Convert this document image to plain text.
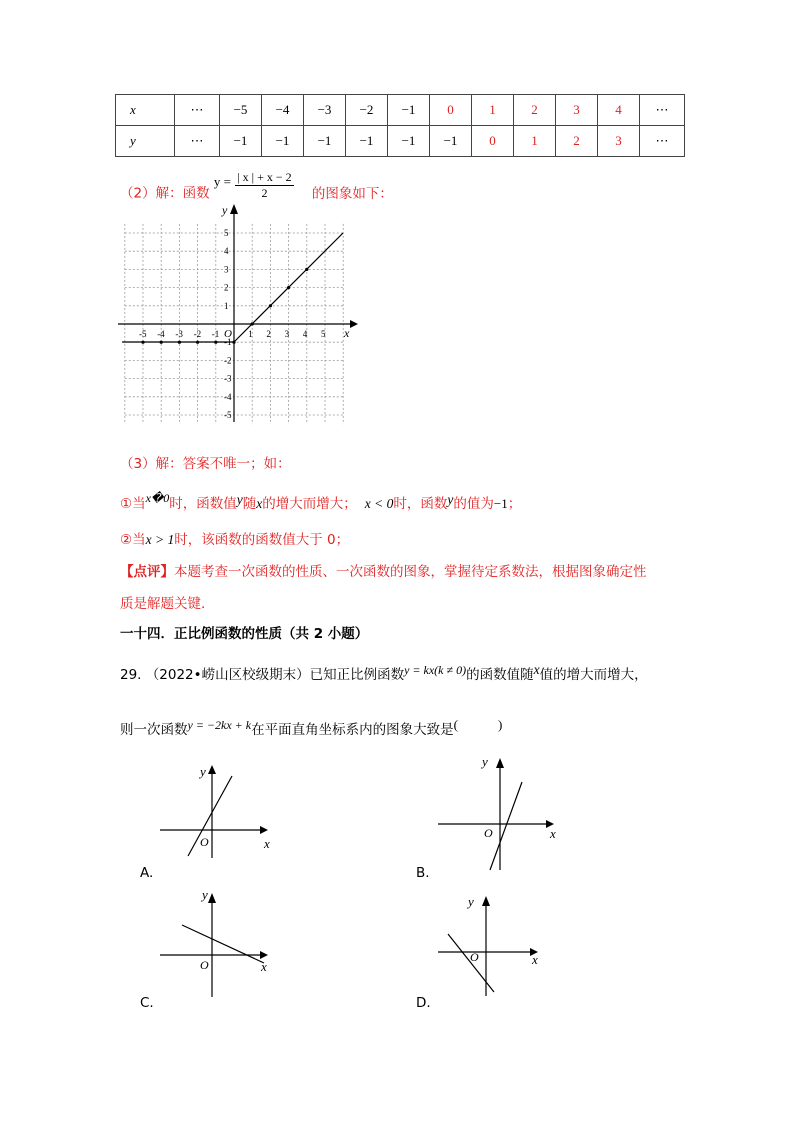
x	⋯	−5	−4	−3	−2	−1	0	1	2	3	4	⋯
y	⋯	−1	−1	−1	−1	−1	−1	0	1	2	3	⋯
（2）解：函数 $y = \frac{| x | + x - 2}{2}$ 的图象如下：
x
y
O
-5 -4 -3 -2 -1	1 2 3 4 5
5
4
3
2
1
-1
-2
-3
-4
-5
（3）解：答案不唯一；如：
①当x�0时，函数值y随x的增大而增大； x < 0时，函数y的值为−1；
②当x > 1时，该函数的函数值大于 0；
【点评】本题考查一次函数的性质、一次函数的图象，掌握待定系数法，根据图象确定性
质是解题关键.
一十四．正比例函数的性质（共 2 小题）
29. （2022•崂山区校级期末）已知正比例函数y = kx(k ≠ 0)的函数值随x值的增大而增大，
则一次函数y = −2kx + k在平面直角坐标系内的图象大致是(	)
x
y
O
A.
x
y
O
B.
x
y
O
C.
x
y
O
D.
